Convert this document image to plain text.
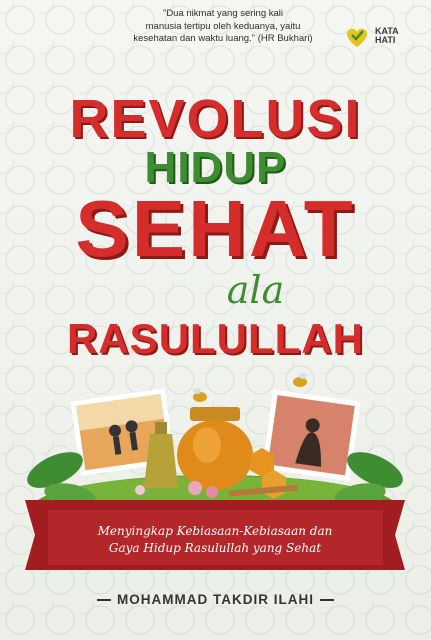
"Dua nikmat yang sering kali
manusia tertipu oleh keduanya, yaitu
kesehatan dan waktu luang." (HR Bukhari)
KATA
HATI
REVOLUSI
HIDUP
SEHAT
ala
RASULULLAH
Menyingkap Kebiasaan-Kebiasaan dan
Gaya Hidup Rasulullah yang Sehat
MOHAMMAD TAKDIR ILAHI
